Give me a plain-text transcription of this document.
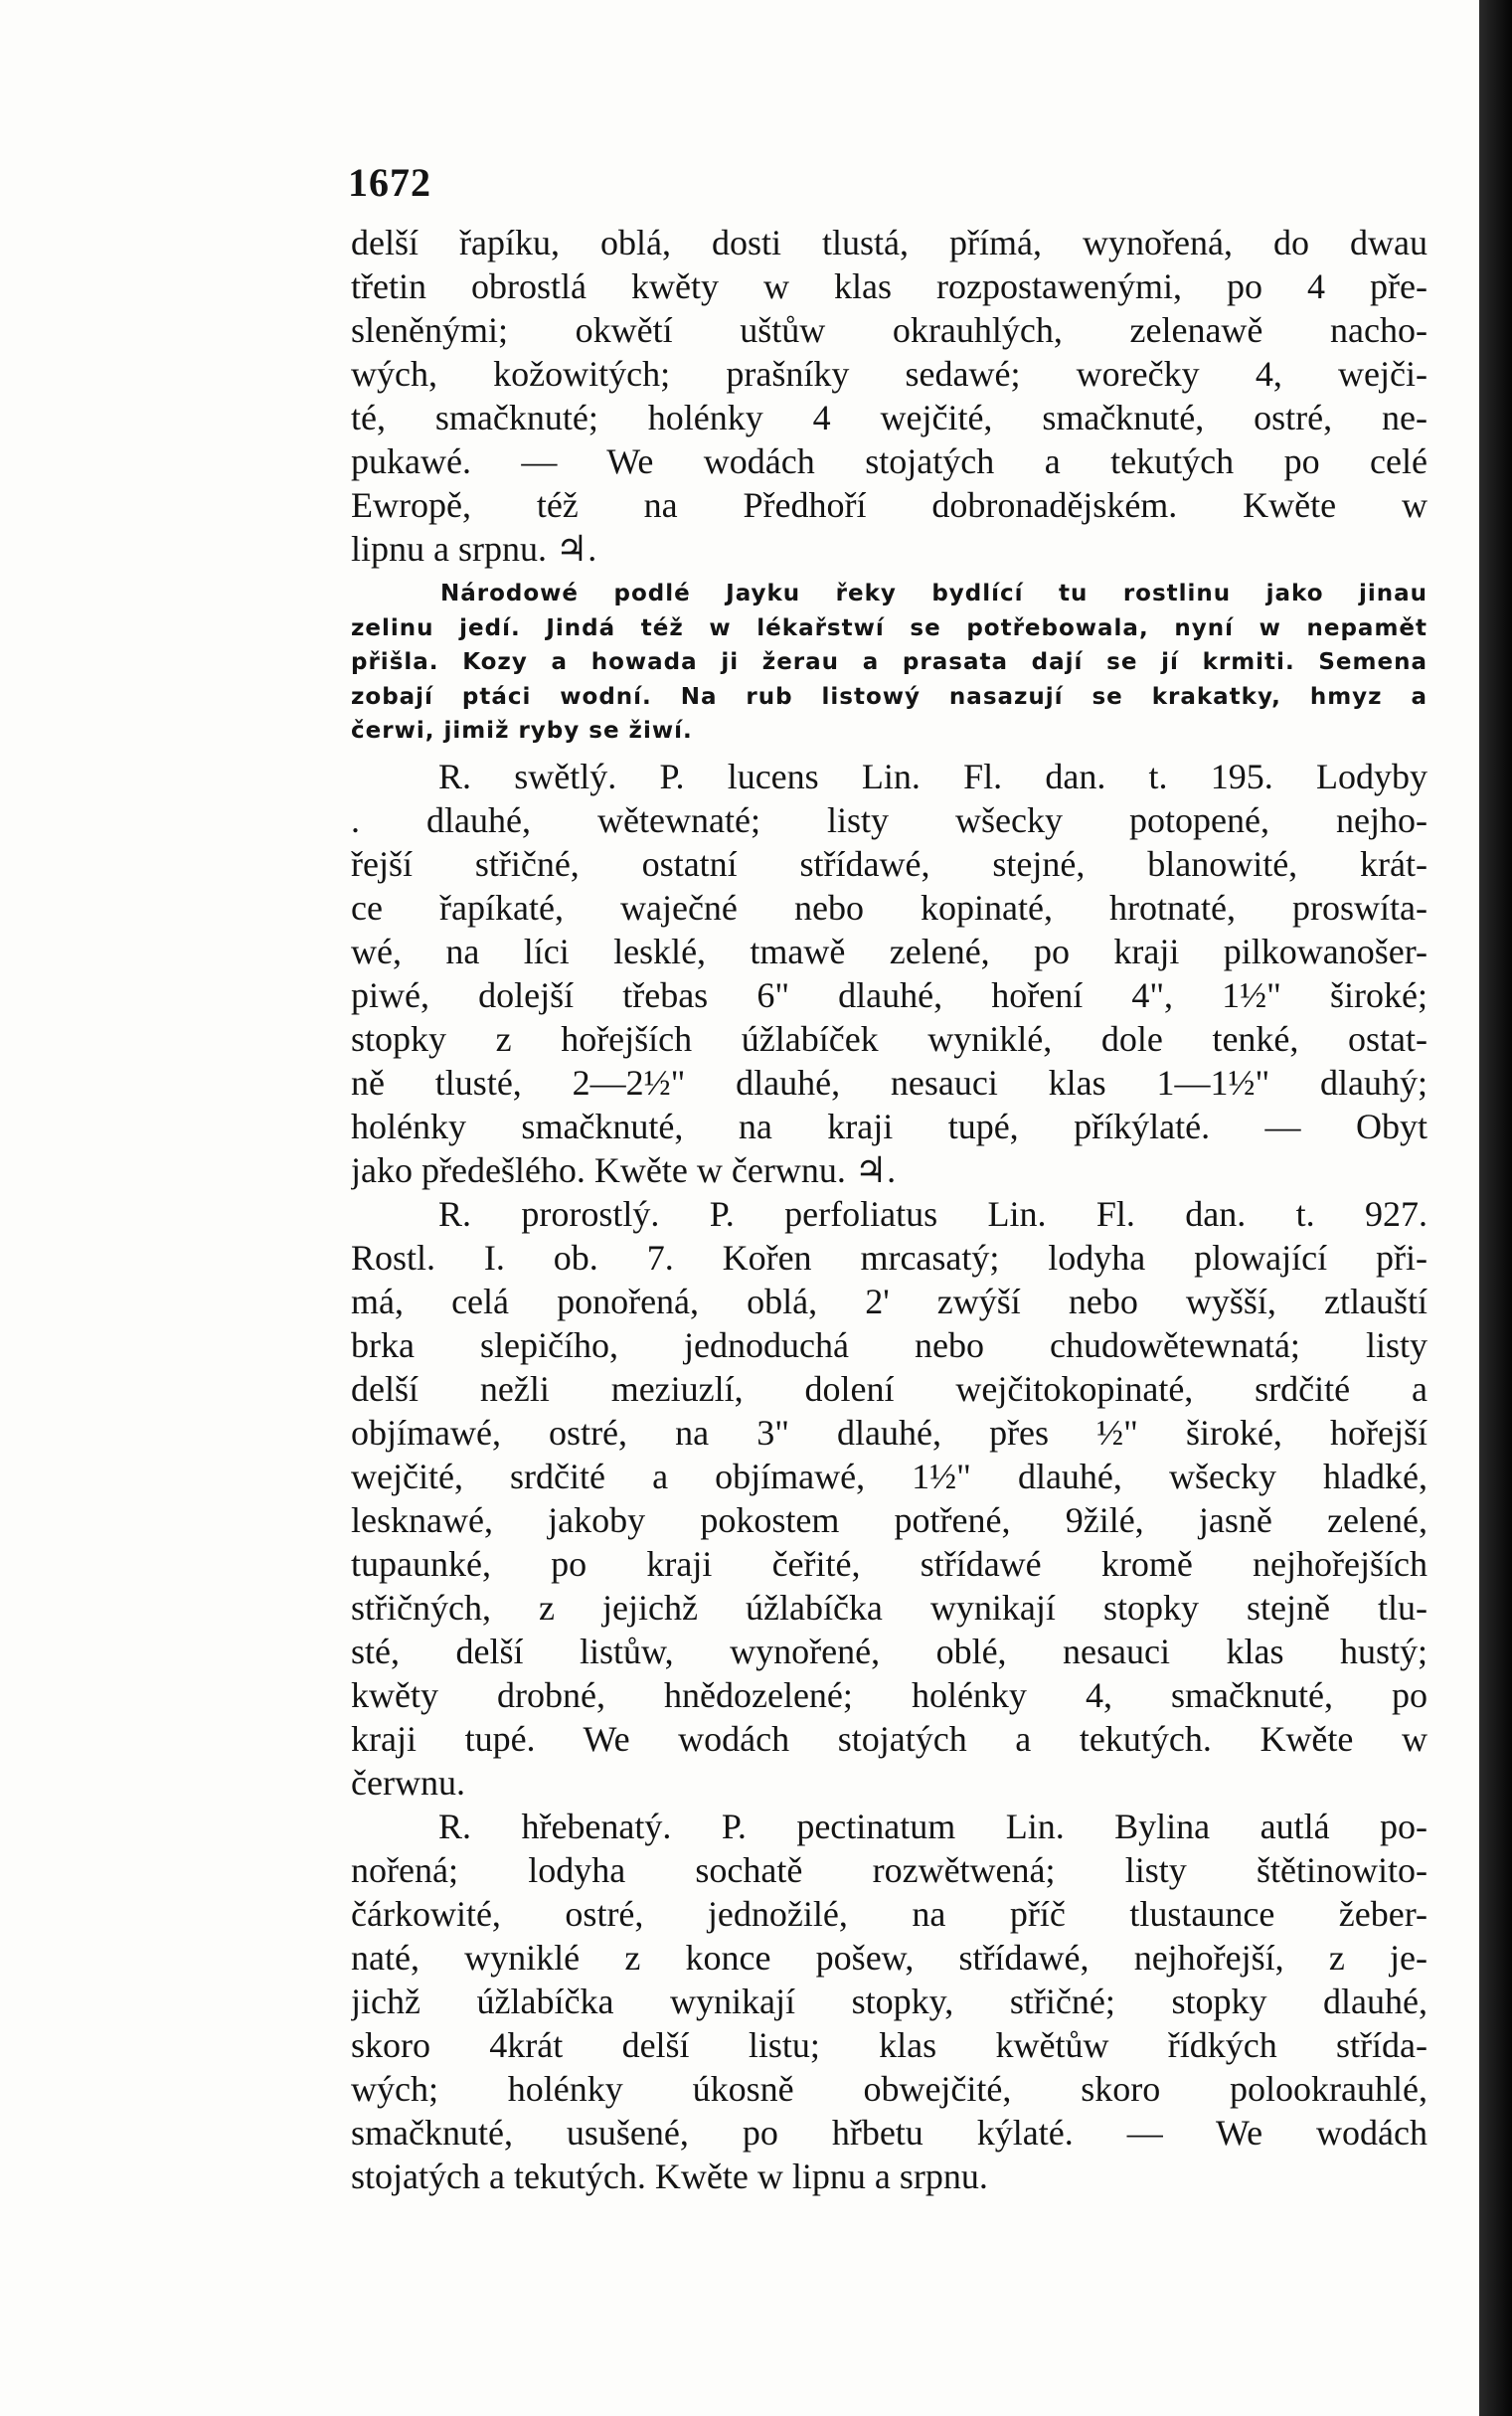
1672
delší řapíku, oblá, dosti tlustá, přímá, wynořená, do dwau
třetin obrostlá kwěty w klas rozpostawenými, po 4 pře-
sleněnými; okwětí uštůw okrauhlých, zelenawě nacho-
wých, kožowitých; prašníky sedawé; worečky 4, wejči-
té, smačknuté; holénky 4 wejčité, smačknuté, ostré, ne-
pukawé. — We wodách stojatých a tekutých po celé
Ewropě, též na Předhoří dobronadějském. Kwěte w
lipnu a srpnu. ♃.
Národowé podlé Jayku řeky bydlící tu rostlinu jako jinau
zelinu jedí. Jindá též w lékařstwí se potřebowala, nyní w nepamět
přišla. Kozy a howada ji žerau a prasata dají se jí krmiti. Semena
zobají ptáci wodní. Na rub listowý nasazují se krakatky, hmyz a
čerwi, jimiž ryby se žiwí.
R. swětlý. P. lucens Lin. Fl. dan. t. 195. Lodyby
. dlauhé, wětewnaté; listy wšecky potopené, nejho-
řejší střičné, ostatní střídawé, stejné, blanowité, krát-
ce řapíkaté, waječné nebo kopinaté, hrotnaté, proswíta-
wé, na líci lesklé, tmawě zelené, po kraji pilkowanošer-
piwé, dolejší třebas 6" dlauhé, hoření 4", 1½" široké;
stopky z hořejších úžlabíček wyniklé, dole tenké, ostat-
ně tlusté, 2—2½" dlauhé, nesauci klas 1—1½" dlauhý;
holénky smačknuté, na kraji tupé, příkýlaté. — Obyt
jako předešlého. Kwěte w čerwnu. ♃.
R. prorostlý. P. perfoliatus Lin. Fl. dan. t. 927.
Rostl. I. ob. 7. Kořen mrcasatý; lodyha plowající při-
má, celá ponořená, oblá, 2' zwýší nebo wyšší, ztlauští
brka slepičího, jednoduchá nebo chudowětewnatá; listy
delší nežli meziuzlí, dolení wejčitokopinaté, srdčité a
objímawé, ostré, na 3" dlauhé, přes ½" široké, hořejší
wejčité, srdčité a objímawé, 1½" dlauhé, wšecky hladké,
lesknawé, jakoby pokostem potřené, 9žilé, jasně zelené,
tupaunké, po kraji čeřité, střídawé kromě nejhořejších
střičných, z jejichž úžlabíčka wynikají stopky stejně tlu-
sté, delší listůw, wynořené, oblé, nesauci klas hustý;
kwěty drobné, hnědozelené; holénky 4, smačknuté, po
kraji tupé. We wodách stojatých a tekutých. Kwěte w
čerwnu.
R. hřebenatý. P. pectinatum Lin. Bylina autlá po-
nořená; lodyha sochatě rozwětwená; listy štětinowito-
čárkowité, ostré, jednožilé, na příč tlustaunce žeber-
naté, wyniklé z konce pošew, střídawé, nejhořejší, z je-
jichž úžlabíčka wynikají stopky, střičné; stopky dlauhé,
skoro 4krát delší listu; klas kwětůw řídkých střída-
wých; holénky úkosně obwejčité, skoro polookrauhlé,
smačknuté, usušené, po hřbetu kýlaté. — We wodách
stojatých a tekutých. Kwěte w lipnu a srpnu.
